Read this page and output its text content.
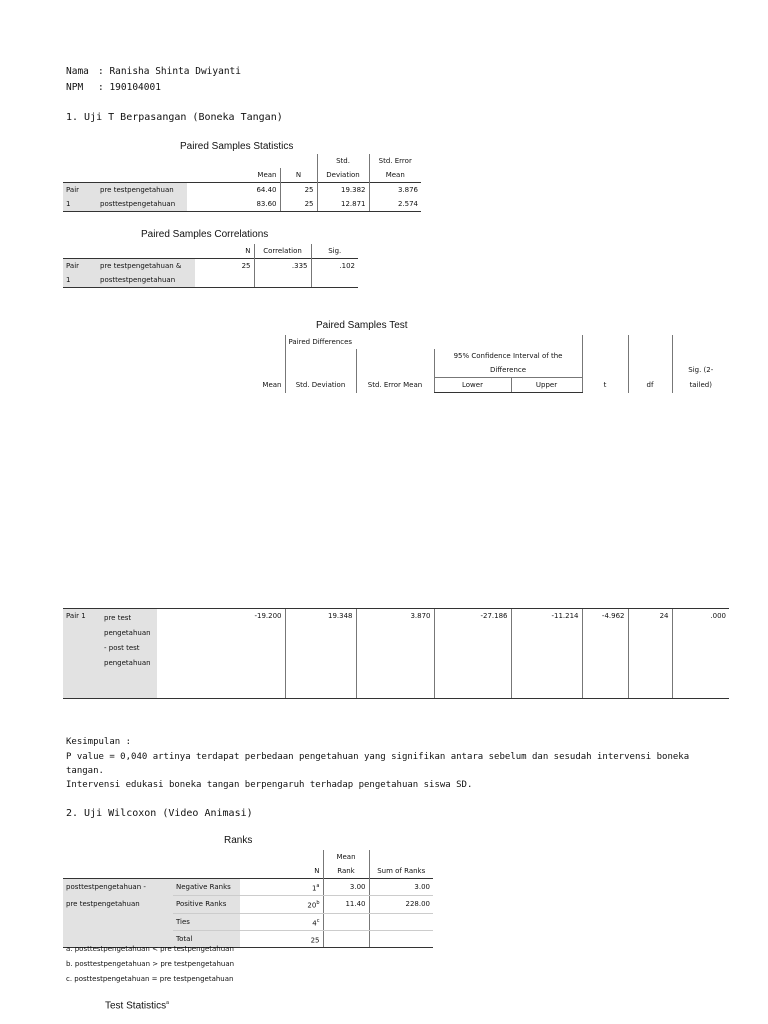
Nama : Ranisha Shinta Dwiyanti
NPM : 190104001
1. Uji T Berpasangan (Boneka Tangan)
Paired Samples Statistics
				Std.	Std. Error
		Mean	N	Deviation	Mean
Pair	pre testpengetahuan	64.40	25	19.382	3.876
1	posttestpengetahuan	83.60	25	12.871	2.574
Paired Samples Correlations
		N	Correlation	Sig.
Pair	pre testpengetahuan &	25	.335	.102
1	posttestpengetahuan			
Paired Samples Test
			Paired Differences						
					95% Confidence Interval of the				
					Difference				Sig. (2-
		Mean	Std. Deviation	Std. Error Mean	Lower	Upper	t	df	tailed)
Pair 1	pre test pengetahuan - post test pengetahuan	-19.200	19.348	3.870	-27.186	-11.214	-4.962	24	.000
Kesimpulan :
P value = 0,040 artinya terdapat perbedaan pengetahuan yang signifikan antara sebelum dan sesudah intervensi boneka
tangan.
Intervensi edukasi boneka tangan berpengaruh terhadap pengetahuan siswa SD.
2. Uji Wilcoxon (Video Animasi)
Ranks
			Mean	
		N	Rank	Sum of Ranks
posttestpengetahuan -	Negative Ranks	1$^a$	3.00	3.00
pre testpengetahuan	Positive Ranks	20$^b$	11.40	228.00
	Ties	4$^c$		
	Total	25		
a. posttestpengetahuan < pre testpengetahuan
b. posttestpengetahuan > pre testpengetahuan
c. posttestpengetahuan = pre testpengetahuan
Test Statistics$^a$
